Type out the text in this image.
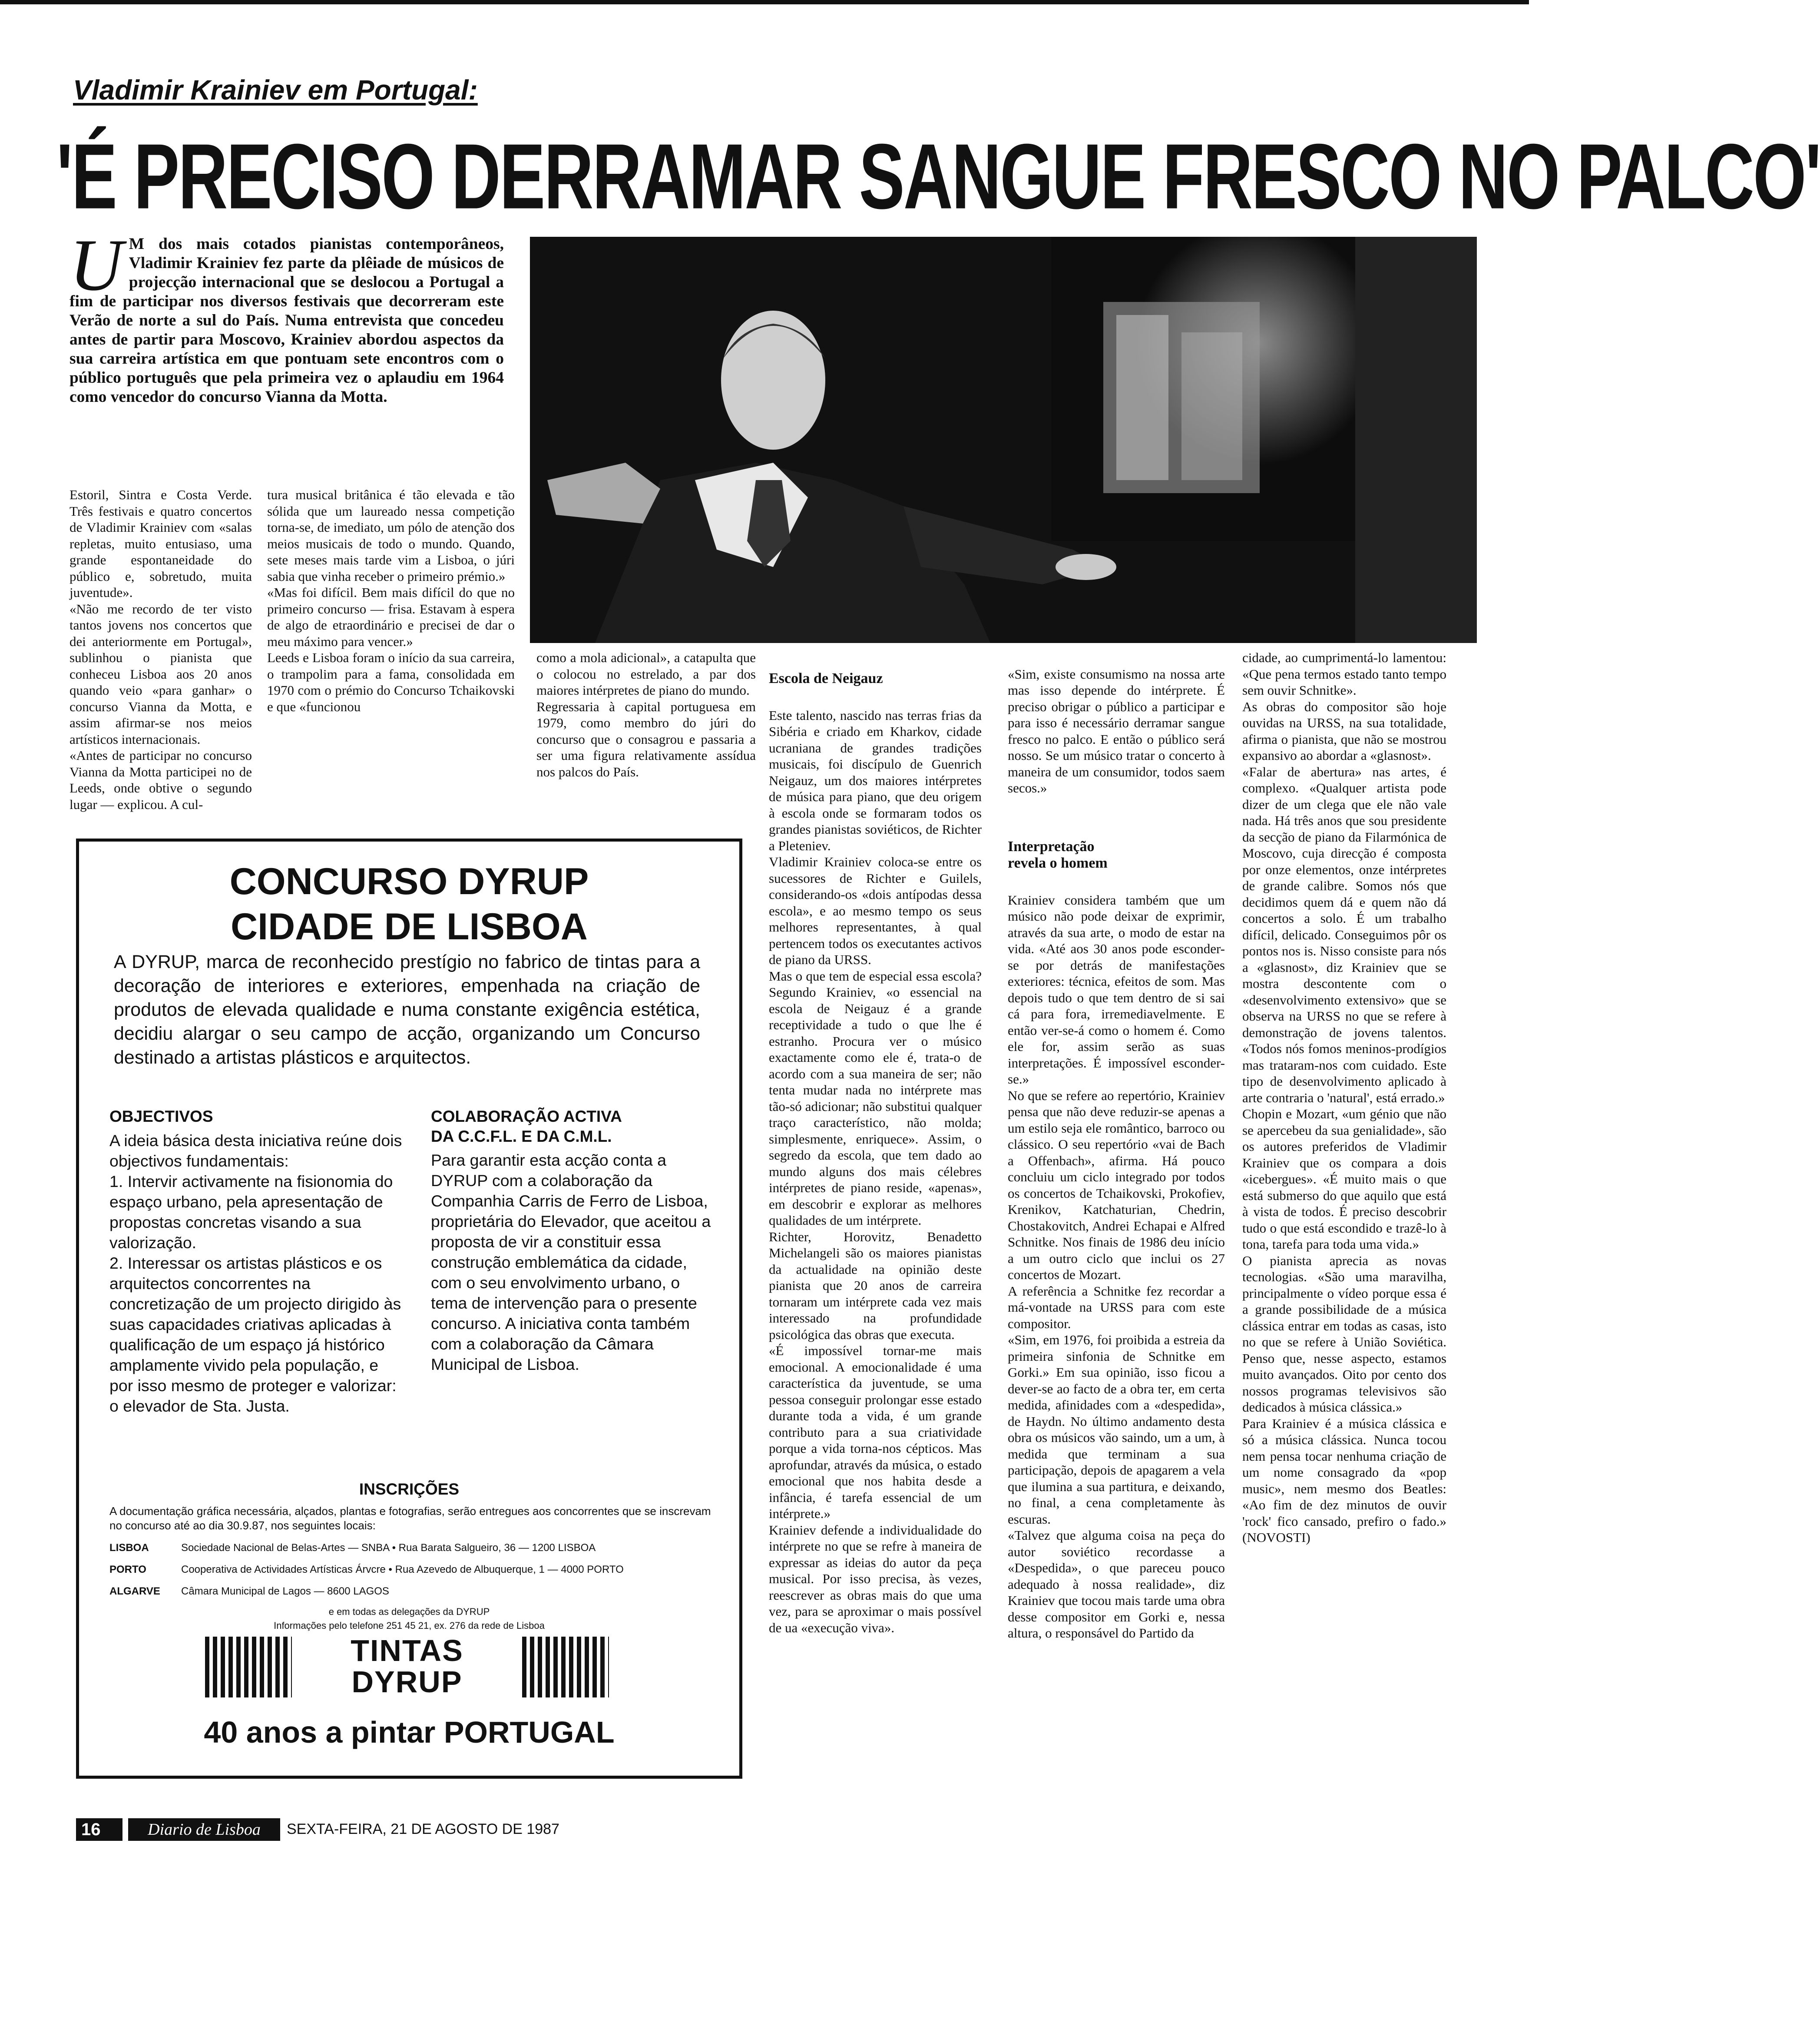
Vladimir Krainiev em Portugal:
'É PRECISO DERRAMAR SANGUE FRESCO NO PALCO'
U M dos mais cotados pianistas contemporâneos, Vladimir Krainiev fez parte da plêiade de músicos de projecção internacional que se deslocou a Portugal a fim de participar nos diversos festivais que decorreram este Verão de norte a sul do País. Numa entrevista que concedeu antes de partir para Moscovo, Krainiev abordou aspectos da sua carreira artística em que pontuam sete encontros com o público português que pela primeira vez o aplaudiu em 1964 como vencedor do concurso Vianna da Motta.
Estoril, Sintra e Costa Verde. Três festivais e quatro concertos de Vladimir Krainiev com «salas repletas, muito entusiaso, uma grande espontaneidade do público e, sobretudo, muita juventude».
«Não me recordo de ter visto tantos jovens nos concertos que dei anteriormente em Portugal», sublinhou o pianista que conheceu Lisboa aos 20 anos quando veio «para ganhar» o concurso Vianna da Motta, e assim afirmar-se nos meios artísticos internacionais.
«Antes de participar no concurso Vianna da Motta participei no de Leeds, onde obtive o segundo lugar — explicou. A cul-
tura musical britânica é tão elevada e tão sólida que um laureado nessa competição torna-se, de imediato, um pólo de atenção dos meios musicais de todo o mundo. Quando, sete meses mais tarde vim a Lisboa, o júri sabia que vinha receber o primeiro prémio.»
«Mas foi difícil. Bem mais difícil do que no primeiro concurso — frisa. Estavam à espera de algo de etraordinário e precisei de dar o meu máximo para vencer.»
Leeds e Lisboa foram o início da sua carreira, o trampolim para a fama, consolidada em 1970 com o prémio do Concurso Tchaikovski e que «funcionou
como a mola adicional», a catapulta que o colocou no estrelado, a par dos maiores intérpretes de piano do mundo.
Regressaria à capital portuguesa em 1979, como membro do júri do concurso que o consagrou e passaria a ser uma figura relativamente assídua nos palcos do País.

Escola de Neigauz

Este talento, nascido nas terras frias da Sibéria e criado em Kharkov, cidade ucraniana de grandes tradições musicais, foi discípulo de Guenrich Neigauz, um dos maiores intérpretes de música para piano, que deu origem à escola onde se formaram todos os grandes pianistas soviéticos, de Richter a Pleteniev.
Vladimir Krainiev coloca-se entre os sucessores de Richter e Guilels, considerando-os «dois antípodas dessa escola», e ao mesmo tempo os seus melhores representantes, à qual pertencem todos os executantes activos de piano da URSS.
Mas o que tem de especial essa escola? Segundo Krainiev, «o essencial na escola de Neigauz é a grande receptividade a tudo o que lhe é estranho. Procura ver o músico exactamente como ele é, trata-o de acordo com a sua maneira de ser; não tenta mudar nada no intérprete mas tão-só adicionar; não substitui qualquer traço característico, não molda; simplesmente, enriquece». Assim, o segredo da escola, que tem dado ao mundo alguns dos mais célebres intérpretes de piano reside, «apenas», em descobrir e explorar as melhores qualidades de um intérprete.
Richter, Horovitz, Benadetto Michelangeli são os maiores pianistas da actualidade na opinião deste pianista que 20 anos de carreira tornaram um intérprete cada vez mais interessado na profundidade psicológica das obras que executa.
«É impossível tornar-me mais emocional. A emocionalidade é uma característica da juventude, se uma pessoa conseguir prolongar esse estado durante toda a vida, é um grande contributo para a sua criatividade porque a vida torna-nos cépticos. Mas aprofundar, através da música, o estado emocional que nos habita desde a infância, é tarefa essencial de um intérprete.»
Krainiev defende a individualidade do intérprete no que se refre à maneira de expressar as ideias do autor da peça musical. Por isso precisa, às vezes, reescrever as obras mais do que uma vez, para se aproximar o mais possível de ua «execução viva».

«Sim, existe consumismo na nossa arte mas isso depende do intérprete. É preciso obrigar o público a participar e para isso é necessário derramar sangue fresco no palco. E então o público será nosso. Se um músico tratar o concerto à maneira de um consumidor, todos saem secos.»

Interpretação
revela o homem

Krainiev considera também que um músico não pode deixar de exprimir, através da sua arte, o modo de estar na vida. «Até aos 30 anos pode esconder-se por detrás de manifestações exteriores: técnica, efeitos de som. Mas depois tudo o que tem dentro de si sai cá para fora, irremediavelmente. E então ver-se-á como o homem é. Como ele for, assim serão as suas interpretações. É impossível esconder-se.»
No que se refere ao repertório, Krainiev pensa que não deve reduzir-se apenas a um estilo seja ele romântico, barroco ou clássico. O seu repertório «vai de Bach a Offenbach», afirma. Há pouco concluiu um ciclo integrado por todos os concertos de Tchaikovski, Prokofiev, Krenikov, Katchaturian, Chedrin, Chostakovitch, Andrei Echapai e Alfred Schnitke. Nos finais de 1986 deu início a um outro ciclo que inclui os 27 concertos de Mozart.
A referência a Schnitke fez recordar a má-vontade na URSS para com este compositor.
«Sim, em 1976, foi proibida a estreia da primeira sinfonia de Schnitke em Gorki.» Em sua opinião, isso ficou a dever-se ao facto de a obra ter, em certa medida, afinidades com a «despedida», de Haydn. No último andamento desta obra os músicos vão saindo, um a um, à medida que terminam a sua participação, depois de apagarem a vela que ilumina a sua partitura, e deixando, no final, a cena completamente às escuras.
«Talvez que alguma coisa na peça do autor soviético recordasse a «Despedida», o que pareceu pouco adequado à nossa realidade», diz Krainiev que tocou mais tarde uma obra desse compositor em Gorki e, nessa altura, o responsável do Partido da

cidade, ao cumprimentá-lo lamentou: «Que pena termos estado tanto tempo sem ouvir Schnitke».
As obras do compositor são hoje ouvidas na URSS, na sua totalidade, afirma o pianista, que não se mostrou expansivo ao abordar a «glasnost».
«Falar de abertura» nas artes, é complexo. «Qualquer artista pode dizer de um clega que ele não vale nada. Há três anos que sou presidente da secção de piano da Filarmónica de Moscovo, cuja direcção é composta por onze elementos, onze intérpretes de grande calibre. Somos nós que decidimos quem dá e quem não dá concertos a solo. É um trabalho difícil, delicado. Conseguimos pôr os pontos nos is. Nisso consiste para nós a «glasnost», diz Krainiev que se mostra descontente com o «desenvolvimento extensivo» que se observa na URSS no que se refere à demonstração de jovens talentos. «Todos nós fomos meninos-prodígios mas trataram-nos com cuidado. Este tipo de desenvolvimento aplicado à arte contraria o 'natural', está errado.»
Chopin e Mozart, «um génio que não se apercebeu da sua genialidade», são os autores preferidos de Vladimir Krainiev que os compara a dois «icebergues». «É muito mais o que está submerso do que aquilo que está à vista de todos. É preciso descobrir tudo o que está escondido e trazê-lo à tona, tarefa para toda uma vida.»
O pianista aprecia as novas tecnologias. «São uma maravilha, principalmente o vídeo porque essa é a grande possibilidade de a música clássica entrar em todas as casas, isto no que se refere à União Soviética. Penso que, nesse aspecto, estamos muito avançados. Oito por cento dos nossos programas televisivos são dedicados à música clássica.»
Para Krainiev é a música clássica e só a música clássica. Nunca tocou nem pensa tocar nenhuma criação de um nome consagrado da «pop music», nem mesmo dos Beatles: «Ao fim de dez minutos de ouvir 'rock' fico cansado, prefiro o fado.» (NOVOSTI)
CONCURSO DYRUP
CIDADE DE LISBOA
A DYRUP, marca de reconhecido prestígio no fabrico de tintas para a decoração de interiores e exteriores, empenhada na criação de produtos de elevada qualidade e numa constante exigência estética, decidiu alargar o seu campo de acção, organizando um Concurso destinado a artistas plásticos e arquitectos.
OBJECTIVOS
A ideia básica desta iniciativa reúne dois objectivos fundamentais:
1. Intervir activamente na fisionomia do espaço urbano, pela apresentação de propostas concretas visando a sua valorização.
2. Interessar os artistas plásticos e os arquitectos concorrentes na concretização de um projecto dirigido às suas capacidades criativas aplicadas à qualificação de um espaço já histórico amplamente vivido pela população, e por isso mesmo de proteger e valorizar: o elevador de Sta. Justa.
COLABORAÇÃO ACTIVA
DA C.C.F.L. E DA C.M.L.
Para garantir esta acção conta a DYRUP com a colaboração da Companhia Carris de Ferro de Lisboa, proprietária do Elevador, que aceitou a proposta de vir a constituir essa construção emblemática da cidade, com o seu envolvimento urbano, o tema de intervenção para o presente concurso. A iniciativa conta também com a colaboração da Câmara Municipal de Lisboa.
INSCRIÇÕES
A documentação gráfica necessária, alçados, plantas e fotografias, serão entregues aos concorrentes que se inscrevam no concurso até ao dia 30.9.87, nos seguintes locais:
LISBOA	Sociedade Nacional de Belas-Artes — SNBA • Rua Barata Salgueiro, 36 — 1200 LISBOA
PORTO	Cooperativa de Actividades Artísticas Árvcre • Rua Azevedo de Albuquerque, 1 — 4000 PORTO
ALGARVE Câmara Municipal de Lagos — 8600 LAGOS
e em todas as delegações da DYRUP
Informações pelo telefone 251 45 21, ex. 276 da rede de Lisboa
TINTAS
DYRUP
40 anos a pintar PORTUGAL
16	Diario de Lisboa	SEXTA-FEIRA, 21 DE AGOSTO DE 1987
